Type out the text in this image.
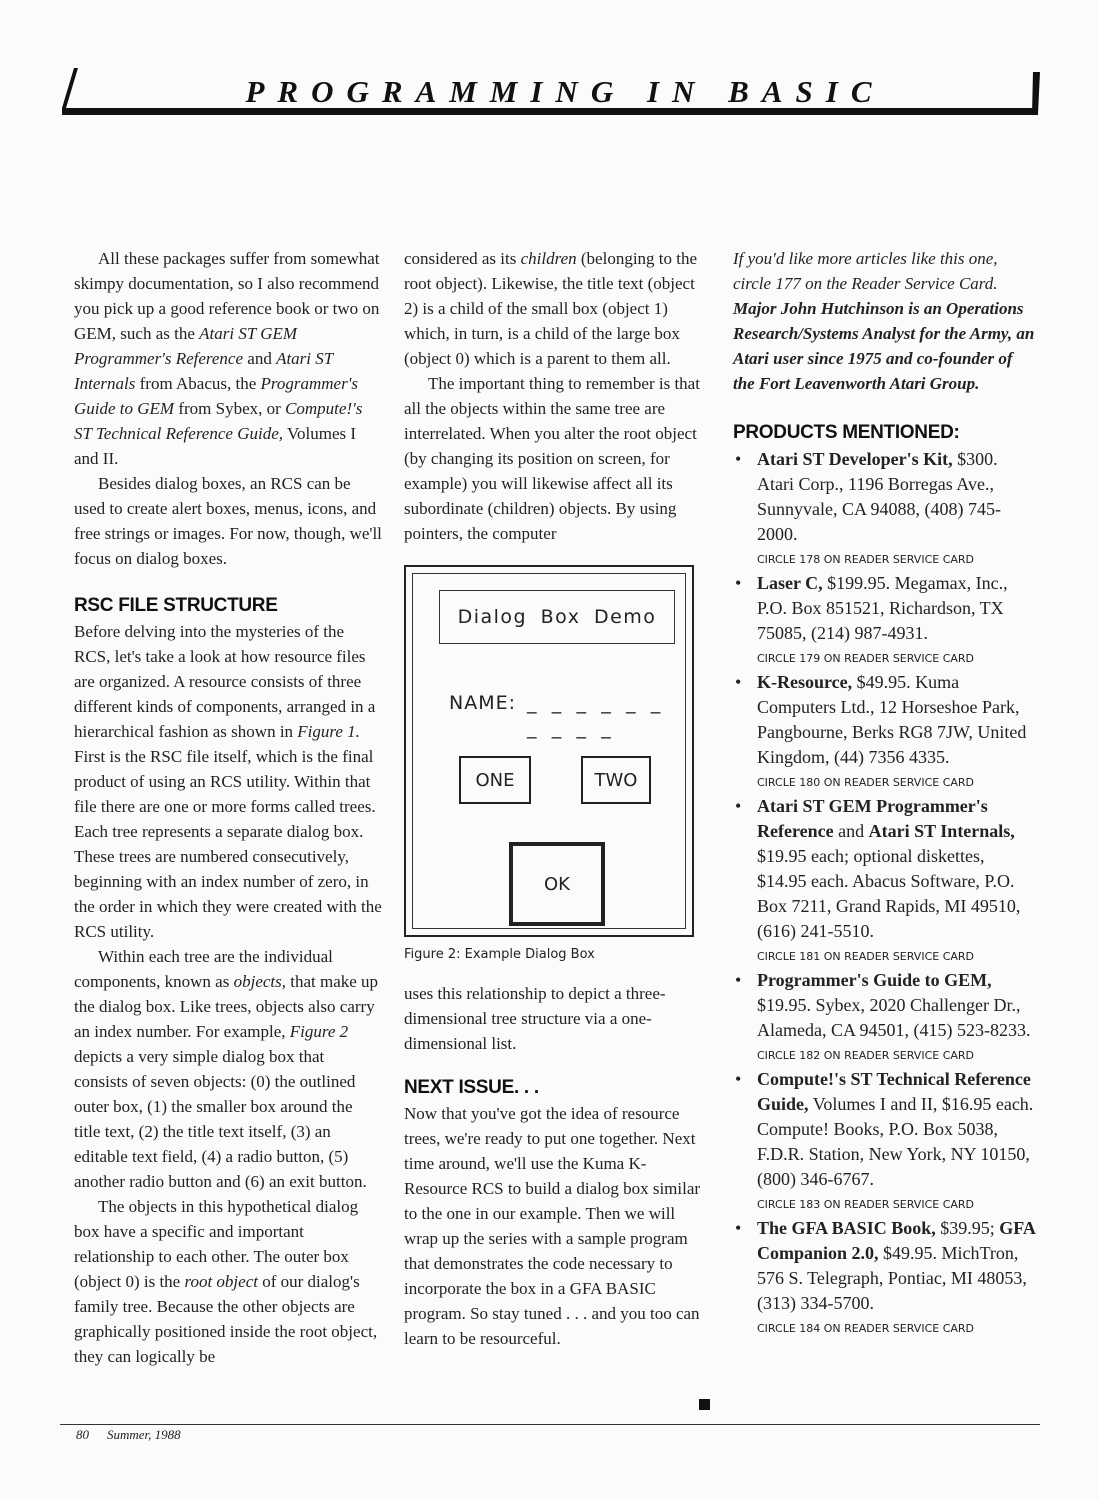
PROGRAMMING IN BASIC

All these packages suffer from somewhat skimpy documentation, so I also recommend you pick up a good reference book or two on GEM, such as the Atari ST GEM Programmer's Reference and Atari ST Internals from Abacus, the Programmer's Guide to GEM from Sybex, or Compute!'s ST Technical Reference Guide, Volumes I and II.

Besides dialog boxes, an RCS can be used to create alert boxes, menus, icons, and free strings or images. For now, though, we'll focus on dialog boxes.

RSC FILE STRUCTURE

Before delving into the mysteries of the RCS, let's take a look at how resource files are organized. A resource consists of three different kinds of components, arranged in a hierarchical fashion as shown in Figure 1. First is the RSC file itself, which is the final product of using an RCS utility. Within that file there are one or more forms called trees. Each tree represents a separate dialog box. These trees are numbered consecutively, beginning with an index number of zero, in the order in which they were created with the RCS utility.

Within each tree are the individual components, known as objects, that make up the dialog box. Like trees, objects also carry an index number. For example, Figure 2 depicts a very simple dialog box that consists of seven objects: (0) the outlined outer box, (1) the smaller box around the title text, (2) the title text itself, (3) an editable text field, (4) a radio button, (5) another radio button and (6) an exit button.

The objects in this hypothetical dialog box have a specific and important relationship to each other. The outer box (object 0) is the root object of our dialog's family tree. Because the other objects are graphically positioned inside the root object, they can logically be

considered as its children (belonging to the root object). Likewise, the title text (object 2) is a child of the small box (object 1) which, in turn, is a child of the large box (object 0) which is a parent to them all.

The important thing to remember is that all the objects within the same tree are interrelated. When you alter the root object (by changing its position on screen, for example) you will likewise affect all its subordinate (children) objects. By using pointers, the computer

Dialog Box Demo
NAME: _ _ _ _ _ _ _ _ _ _
ONE	TWO
OK
Figure 2: Example Dialog Box

uses this relationship to depict a three-dimensional tree structure via a one-dimensional list.

NEXT ISSUE. . .

Now that you've got the idea of resource trees, we're ready to put one together. Next time around, we'll use the Kuma K-Resource RCS to build a dialog box similar to the one in our example. Then we will wrap up the series with a sample program that demonstrates the code necessary to incorporate the box in a GFA BASIC program. So stay tuned . . . and you too can learn to be resourceful.

If you'd like more articles like this one, circle 177 on the Reader Service Card.

Major John Hutchinson is an Operations Research/Systems Analyst for the Army, an Atari user since 1975 and co-founder of the Fort Leavenworth Atari Group.

PRODUCTS MENTIONED:
• Atari ST Developer's Kit, $300. Atari Corp., 1196 Borregas Ave., Sunnyvale, CA 94088, (408) 745-2000.
CIRCLE 178 ON READER SERVICE CARD
• Laser C, $199.95. Megamax, Inc., P.O. Box 851521, Richardson, TX 75085, (214) 987-4931.
CIRCLE 179 ON READER SERVICE CARD
• K-Resource, $49.95. Kuma Computers Ltd., 12 Horseshoe Park, Pangbourne, Berks RG8 7JW, United Kingdom, (44) 7356 4335.
CIRCLE 180 ON READER SERVICE CARD
• Atari ST GEM Programmer's Reference and Atari ST Internals, $19.95 each; optional diskettes, $14.95 each. Abacus Software, P.O. Box 7211, Grand Rapids, MI 49510, (616) 241-5510.
CIRCLE 181 ON READER SERVICE CARD
• Programmer's Guide to GEM, $19.95. Sybex, 2020 Challenger Dr., Alameda, CA 94501, (415) 523-8233.
CIRCLE 182 ON READER SERVICE CARD
• Compute!'s ST Technical Reference Guide, Volumes I and II, $16.95 each. Compute! Books, P.O. Box 5038, F.D.R. Station, New York, NY 10150, (800) 346-6767.
CIRCLE 183 ON READER SERVICE CARD
• The GFA BASIC Book, $39.95; GFA Companion 2.0, $49.95. MichTron, 576 S. Telegraph, Pontiac, MI 48053, (313) 334-5700.
CIRCLE 184 ON READER SERVICE CARD
80 Summer, 1988
